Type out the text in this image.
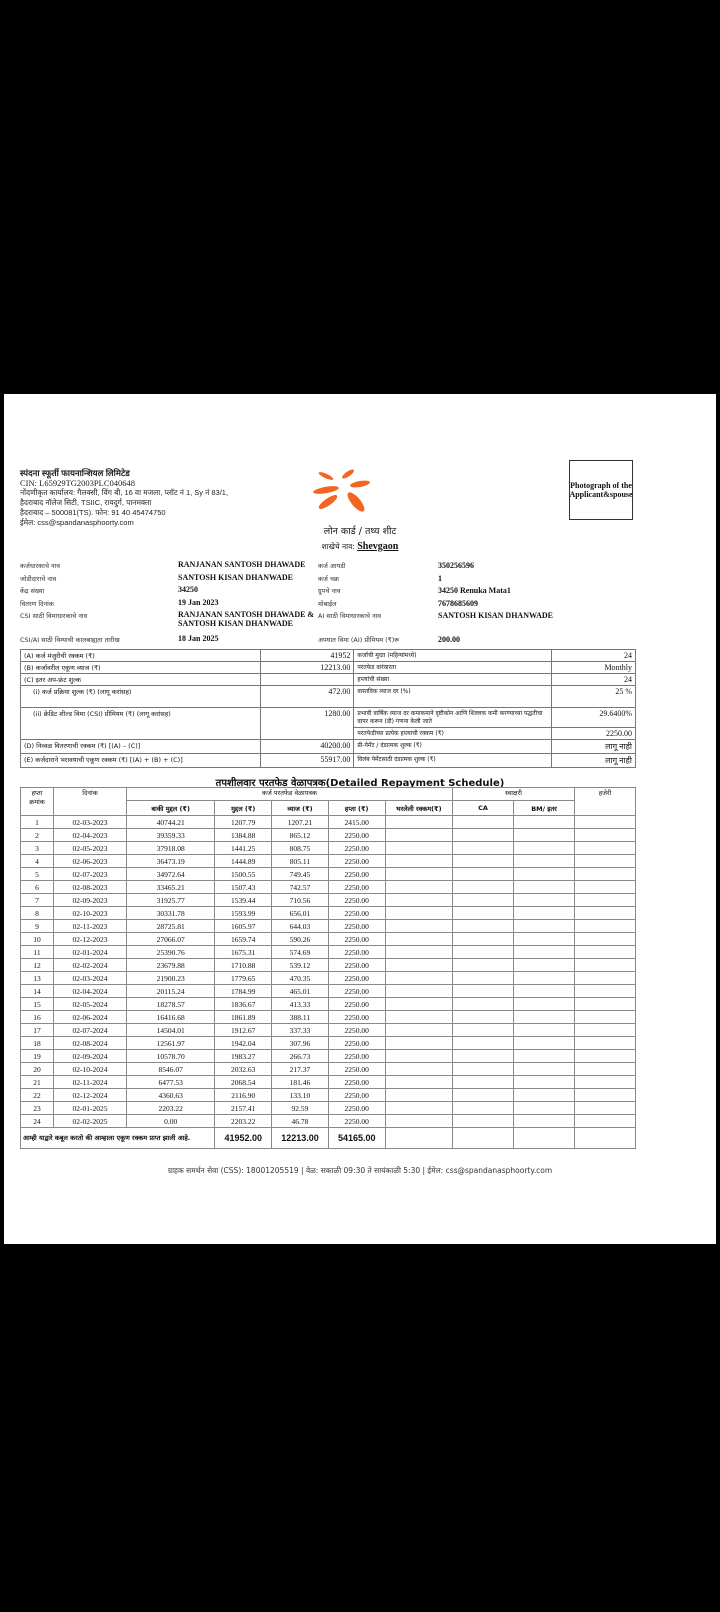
स्पंदना स्फूर्ती फायनान्शियल लिमिटेड
CIN: L65929TG2003PLC040648
नोंदणीकृत कार्यालय: गैलक्सी, विंग बी, 16 वा मजला, प्लॉट नं 1, Sy नं 83/1,
हैदराबाद नॉलेज सिटी, TSIIC, रायदुर्ग, पानमक्ता
हैदराबाद – 500081(TS). फोन: 91 40 45474750
ईमेल: css@spandanasphoorty.com
Photograph of the Applicant&spouse
लोन कार्ड / तथ्य शीट
शाखेचे नाव: Shevgaon
कर्जधारकाचे नाव	RANJANAN SANTOSH DHAWADE	कर्ज आयडी	350256596
जोडीदाराचे नाव	SANTOSH KISAN DHANWADE	कर्ज चक्र	1
केंद्र संख्या	34250	ग्रुपचे नाव	34250 Renuka Mata1
वितरण दिनांक	19 Jan 2023	मोबाईल	7678685609
CSI साठी विमाधारकाचे नाव	RANJANAN SANTOSH DHAWADE & SANTOSH KISAN DHANWADE
AI साठी विमाधारकाचे नाव	SANTOSH KISAN DHANWADE
CSI/AI साठी विम्याची कालबाह्यता तारीख	18 Jan 2025	अपघात विमा (AI) प्रीमियम (₹)रू	200.00
(A) कर्ज मंजुरीची रक्कम (₹)	41952	कर्जाची मुदत (महिन्यांमध्ये)	24
(B) कर्जावरील एकूण व्याज (₹)	12213.00	परतफेड वारंवारता	Monthly
(C) इतर अप-फ्रंट शुल्क		हप्त्यांची संख्या	24
(i) कर्ज प्रक्रिया शुल्क (₹) (लागू करांसह)	472.00	वास्तविक व्याज दर (%)	25 %
(ii) क्रेडिट शील्ड विमा (CSI) प्रीमियम (₹) (लागू करांसह)	1280.00	प्रभावी वार्षिक व्याज दर कमाकमाने दृष्टीकोन आणि शिल्लक कमी करण्याच्या पद्धतीचा वापर करून (डी) गणना केली जाते	29.6400%
		परतफेडीच्या प्रत्येक हप्त्याची रक्कम (₹)	2250.00
(D) निव्वळ वितरणाची रक्कम (₹) [(A) – (C)]	40200.00	प्री-पेमेंट / दंडात्मक शुल्क (₹)	लागू नाही
(E) कर्जदाराने भरावयाची एकूण रक्कम (₹) [(A) + (B) + (C)]	55917.00	विलंब पेमेंटसाठी दंडात्मक शुल्क (₹)	लागू नाही
तपशीलवार परतफेड वेळापत्रक(Detailed Repayment Schedule)
हप्ता क्रमांक	दिनांक	कर्ज परतफेड वेळापत्रक					स्वाक्षरी		हजेरी
		बाकी मुद्दल (₹)	मुद्दल (₹)	व्याज (₹)	हप्ता (₹)	भरलेली रक्कम(₹)	CA	BM/ इतर	
1	02-03-2023	40744.21	1207.79	1207.21	2415.00				
2	02-04-2023	39359.33	1384.88	865.12	2250.00				
3	02-05-2023	37918.08	1441.25	808.75	2250.00				
4	02-06-2023	36473.19	1444.89	805.11	2250.00				
5	02-07-2023	34972.64	1500.55	749.45	2250.00				
6	02-08-2023	33465.21	1507.43	742.57	2250.00				
7	02-09-2023	31925.77	1539.44	710.56	2250.00				
8	02-10-2023	30331.78	1593.99	656.01	2250.00				
9	02-11-2023	28725.81	1605.97	644.03	2250.00				
10	02-12-2023	27066.07	1659.74	590.26	2250.00				
11	02-01-2024	25390.76	1675.31	574.69	2250.00				
12	02-02-2024	23679.88	1710.88	539.12	2250.00				
13	02-03-2024	21900.23	1779.65	470.35	2250.00				
14	02-04-2024	20115.24	1784.99	465.01	2250.00				
15	02-05-2024	18278.57	1836.67	413.33	2250.00				
16	02-06-2024	16416.68	1861.89	388.11	2250.00				
17	02-07-2024	14504.01	1912.67	337.33	2250.00				
18	02-08-2024	12561.97	1942.04	307.96	2250.00				
19	02-09-2024	10578.70	1983.27	266.73	2250.00				
20	02-10-2024	8546.07	2032.63	217.37	2250.00				
21	02-11-2024	6477.53	2068.54	181.46	2250.00				
22	02-12-2024	4360.63	2116.90	133.10	2250.00				
23	02-01-2025	2203.22	2157.41	92.59	2250.00				
24	02-02-2025	0.00	2203.22	46.78	2250.00				
आम्ही याद्वारे कबूल करतो की आम्हाला एकूण रक्कम प्राप्त झाली आहे.			41952.00	12213.00	54165.00				
ग्राहक समर्थन सेवा (CSS): 18001205519 | वेळ: सकाळी 09:30 ते सायंकाळी 5:30 | ईमेल: css@spandanasphoorty.com
